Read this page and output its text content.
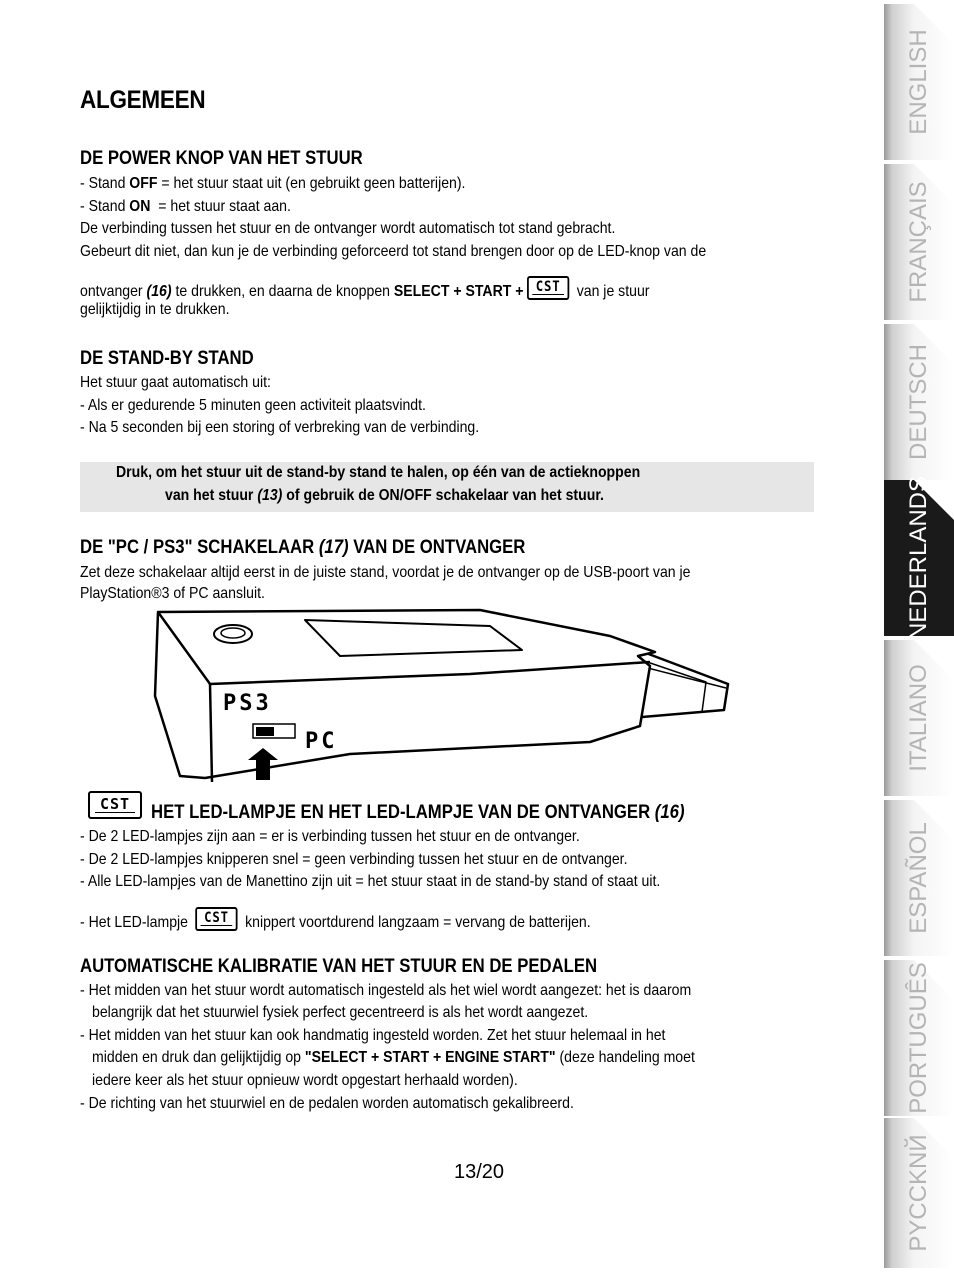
ALGEMEEN
DE POWER KNOP VAN HET STUUR
- Stand OFF = het stuur staat uit (en gebruikt geen batterijen).
- Stand ON  = het stuur staat aan.
De verbinding tussen het stuur en de ontvanger wordt automatisch tot stand gebracht.
Gebeurt dit niet, dan kun je de verbinding geforceerd tot stand brengen door op de LED-knop van de
ontvanger (16) te drukken, en daarna de knoppen SELECT + START + CST van je stuur
gelijktijdig in te drukken.
DE STAND-BY STAND
Het stuur gaat automatisch uit:
- Als er gedurende 5 minuten geen activiteit plaatsvindt.
- Na 5 seconden bij een storing of verbreking van de verbinding.
Druk, om het stuur uit de stand-by stand te halen, op één van de actieknoppen
van het stuur (13) of gebruik de ON/OFF schakelaar van het stuur.
DE "PC / PS3" SCHAKELAAR (17) VAN DE ONTVANGER
Zet deze schakelaar altijd eerst in de juiste stand, voordat je de ontvanger op de USB-poort van je
PlayStation®3 of PC aansluit.
PS3
PC
CST	HET LED-LAMPJE EN HET LED-LAMPJE VAN DE ONTVANGER (16)
- De 2 LED-lampjes zijn aan = er is verbinding tussen het stuur en de ontvanger.
- De 2 LED-lampjes knipperen snel = geen verbinding tussen het stuur en de ontvanger.
- Alle LED-lampjes van de Manettino zijn uit = het stuur staat in de stand-by stand of staat uit.
- Het LED-lampje CST knippert voortdurend langzaam = vervang de batterijen.
AUTOMATISCHE KALIBRATIE VAN HET STUUR EN DE PEDALEN
- Het midden van het stuur wordt automatisch ingesteld als het wiel wordt aangezet: het is daarom
belangrijk dat het stuurwiel fysiek perfect gecentreerd is als het wordt aangezet.
- Het midden van het stuur kan ook handmatig ingesteld worden. Zet het stuur helemaal in het
midden en druk dan gelijktijdig op "SELECT + START + ENGINE START" (deze handeling moet
iedere keer als het stuur opnieuw wordt opgestart herhaald worden).
- De richting van het stuurwiel en de pedalen worden automatisch gekalibreerd.
13/20
ENGLISH
FRANÇAIS
DEUTSCH
NEDERLANDS
ITALIANO
ESPAÑOL
PORTUGUÊS
PYCCKNЙ
